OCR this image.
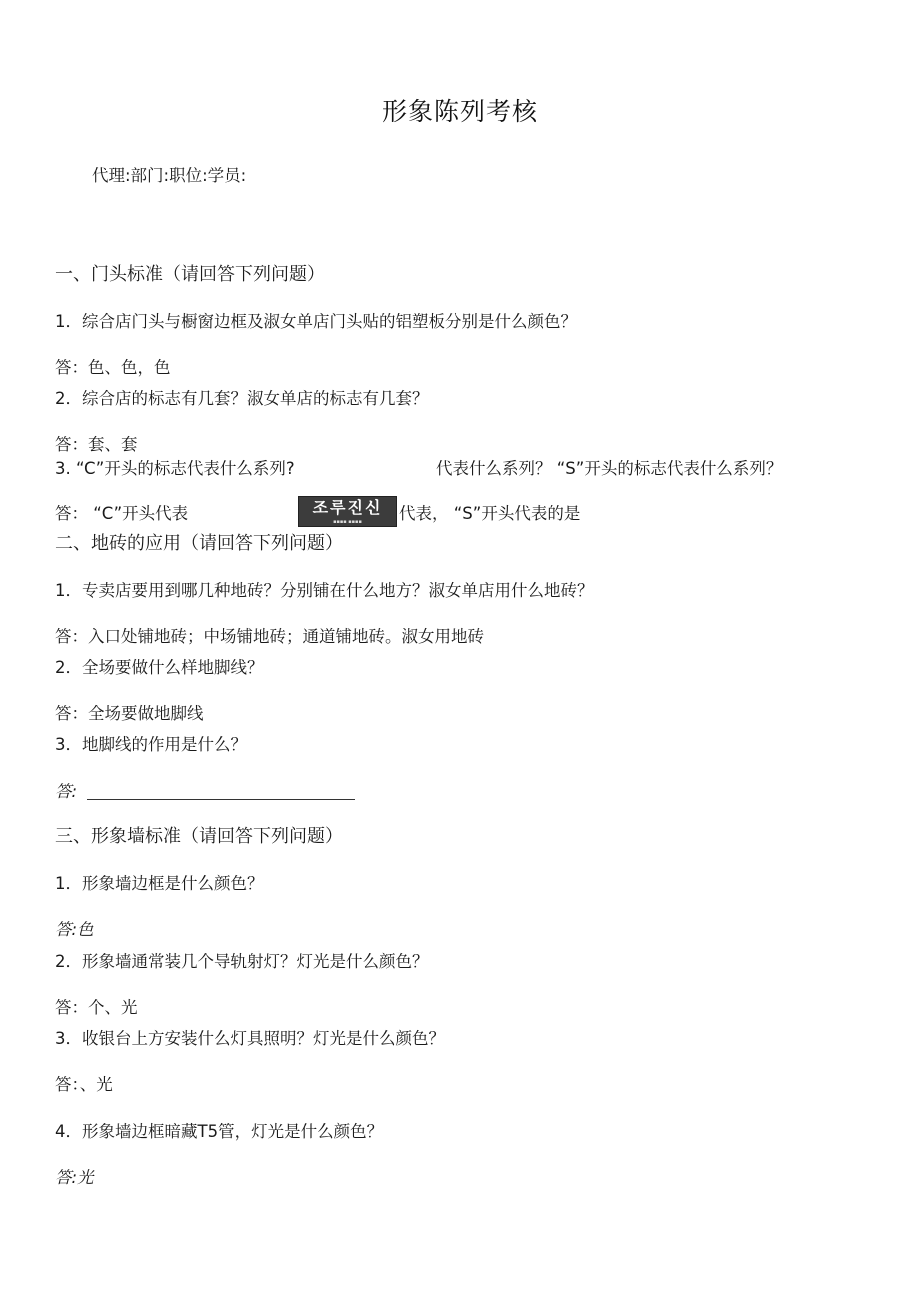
形象陈列考核
代理:部门:职位:学员:
一、门头标准（请回答下列问题）
1．综合店门头与橱窗边框及淑女单店门头贴的铝塑板分别是什么颜色？
答：色、色，色
2．综合店的标志有几套？淑女单店的标志有几套？
答：套、套
3. “C”开头的标志代表什么系列?	代表什么系列？ “S”开头的标志代表什么系列？
答： “C”开头代表	조루진신
▪▪▪▪ ▪▪▪▪	代表， “S”开头代表的是
二、地砖的应用（请回答下列问题）
1．专卖店要用到哪几种地砖？分别铺在什么地方？淑女单店用什么地砖？
答：入口处铺地砖；中场铺地砖；通道铺地砖。淑女用地砖
2．全场要做什么样地脚线？
答：全场要做地脚线
3．地脚线的作用是什么？
答:
三、形象墙标准（请回答下列问题）
1．形象墙边框是什么颜色？
答:色
2．形象墙通常装几个导轨射灯？灯光是什么颜色？
答：个、光
3．收银台上方安装什么灯具照明？灯光是什么颜色？
答：、光
4．形象墙边框暗藏T5管，灯光是什么颜色？
答:光
